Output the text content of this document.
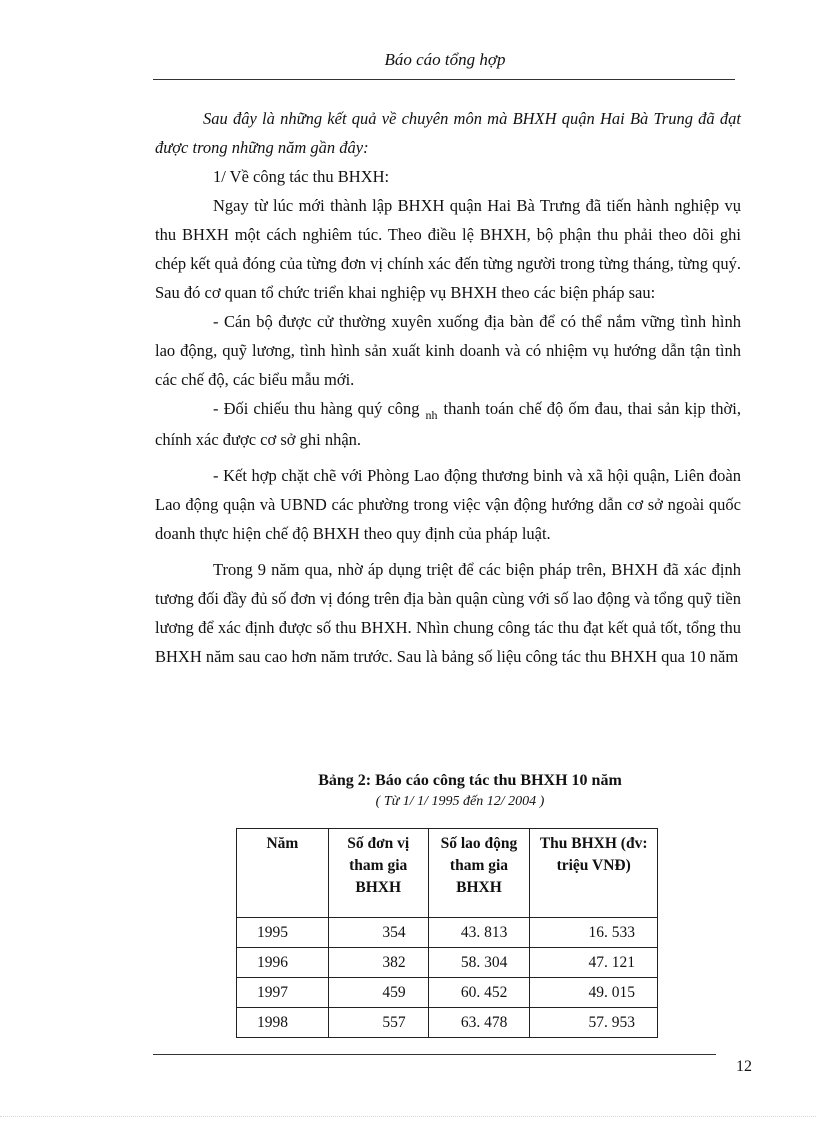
Báo cáo tổng hợp

Sau đây là những kết quả về chuyên môn mà BHXH quận Hai Bà Trung đã đạt được trong những năm gần đây:

1/ Về công tác thu BHXH:

Ngay từ lúc mới thành lập BHXH quận Hai Bà Trưng đã tiến hành nghiệp vụ thu BHXH một cách nghiêm túc. Theo điều lệ BHXH, bộ phận thu phải theo dõi ghi chép kết quả đóng của từng đơn vị chính xác đến từng người trong từng tháng, từng quý. Sau đó cơ quan tổ chức triển khai nghiệp vụ BHXH theo các biện pháp sau:

- Cán bộ được cử thường xuyên xuống địa bàn để có thể nắm vững tình hình lao động, quỹ lương, tình hình sản xuất kinh doanh và có nhiệm vụ hướng dẫn tận tình các chế độ, các biểu mẫu mới.

- Đối chiếu thu hàng quý công $_{nh}$ thanh toán chế độ ốm đau, thai sản kịp thời, chính xác được cơ sở ghi nhận.

- Kết hợp chặt chẽ với Phòng Lao động thương binh và xã hội quận, Liên đoàn Lao động quận và UBND các phường trong việc vận động hướng dẫn cơ sở ngoài quốc doanh thực hiện chế độ BHXH theo quy định của pháp luật.

Trong 9 năm qua, nhờ áp dụng triệt để các biện pháp trên, BHXH đã xác định tương đối đầy đủ số đơn vị đóng trên địa bàn quận cùng với số lao động và tổng quỹ tiền lương để xác định được số thu BHXH. Nhìn chung công tác thu đạt kết quả tốt, tổng thu BHXH năm sau cao hơn năm trước. Sau là bảng số liệu công tác thu BHXH qua 10 năm

Bảng 2: Báo cáo công tác thu BHXH 10 năm
( Từ 1/ 1/ 1995 đến 12/ 2004 )
Năm	Số đơn vị tham gia BHXH	Số lao động tham gia BHXH	Thu BHXH (đv: triệu VNĐ)
1995	354	43. 813	16. 533
1996	382	58. 304	47. 121
1997	459	60. 452	49. 015
1998	557	63. 478	57. 953
12
